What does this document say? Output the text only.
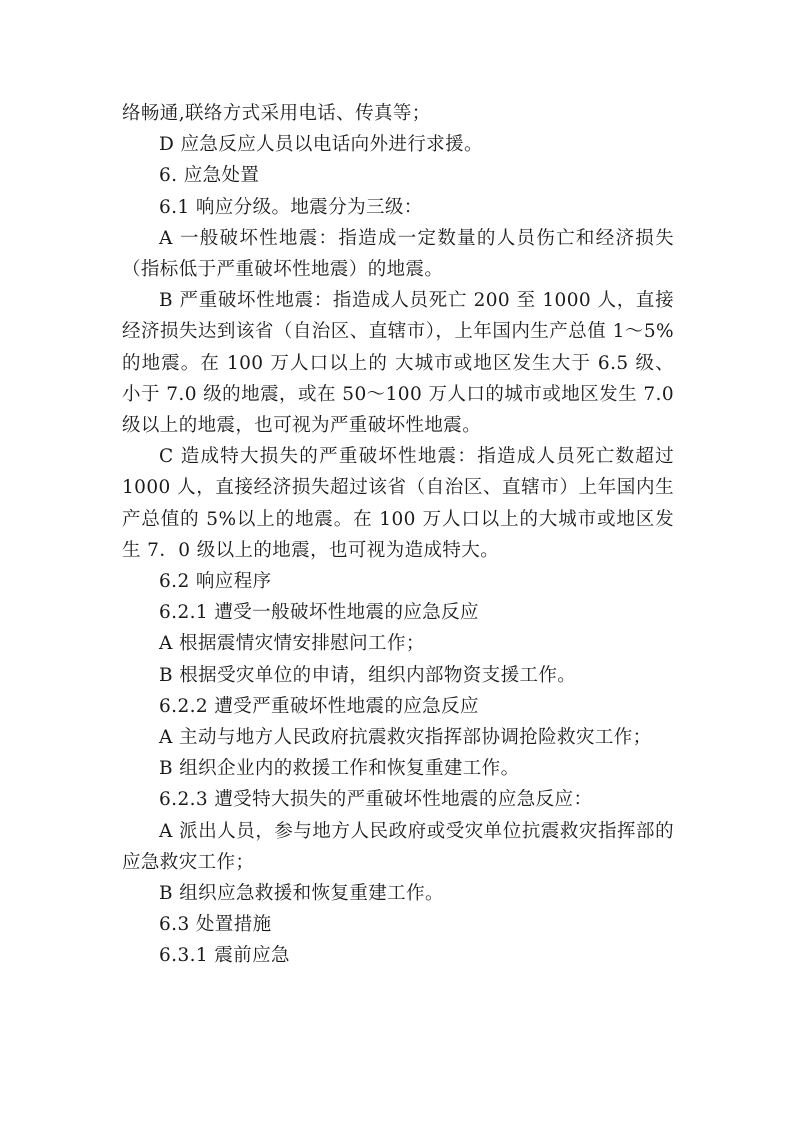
络畅通,联络方式采用电话、传真等；

D 应急反应人员以电话向外进行求援。

6. 应急处置

6.1 响应分级。地震分为三级：

A 一般破坏性地震：指造成一定数量的人员伤亡和经济损失（指标低于严重破坏性地震）的地震。

B 严重破坏性地震：指造成人员死亡 200 至 1000 人，直接经济损失达到该省（自治区、直辖市），上年国内生产总值 1～5%的地震。在 100 万人口以上的 大城市或地区发生大于 6.5 级、小于 7.0 级的地震，或在 50～100 万人口的城市或地区发生 7.0 级以上的地震，也可视为严重破坏性地震。

C 造成特大损失的严重破坏性地震：指造成人员死亡数超过 1000 人，直接经济损失超过该省（自治区、直辖市）上年国内生产总值的 5%以上的地震。在 100 万人口以上的大城市或地区发生 7．0 级以上的地震，也可视为造成特大。

6.2 响应程序

6.2.1 遭受一般破坏性地震的应急反应

A 根据震情灾情安排慰问工作；

B 根据受灾单位的申请，组织内部物资支援工作。

6.2.2 遭受严重破坏性地震的应急反应

A 主动与地方人民政府抗震救灾指挥部协调抢险救灾工作；

B 组织企业内的救援工作和恢复重建工作。

6.2.3 遭受特大损失的严重破坏性地震的应急反应：

A 派出人员，参与地方人民政府或受灾单位抗震救灾指挥部的应急救灾工作；

B 组织应急救援和恢复重建工作。

6.3 处置措施

6.3.1 震前应急
